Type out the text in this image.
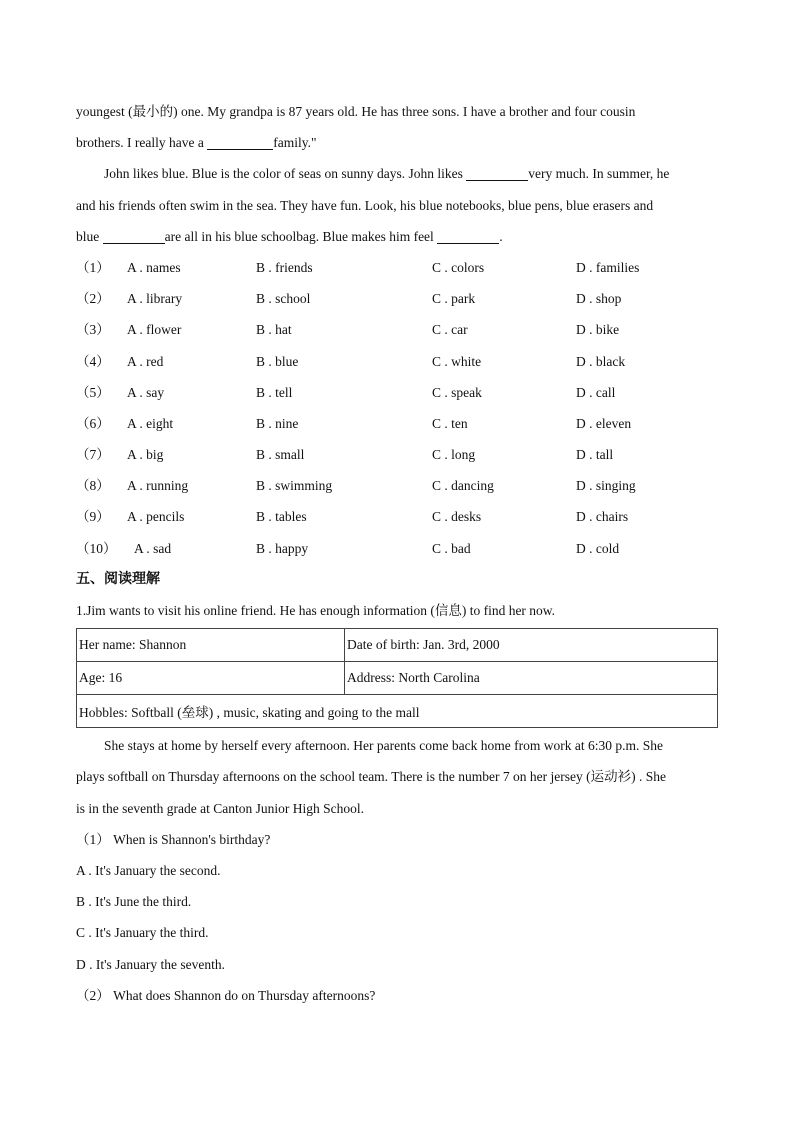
youngest (最小的) one. My grandpa is 87 years old. He has three sons. I have a brother and four cousin
brothers. I really have a	family."
John likes blue. Blue is the color of seas on sunny days. John likes	very much. In summer, he
and his friends often swim in the sea. They have fun. Look, his blue notebooks, blue pens, blue erasers and
blue	are all in his blue schoolbag. Blue makes him feel	.
（1） A . names	B . friends	C . colors	D . families
（2） A . library	B . school	C . park	D . shop
（3） A . flower	B . hat	C . car	D . bike
（4） A . red	B . blue	C . white	D . black
（5） A . say	B . tell	C . speak	D . call
（6） A . eight	B . nine	C . ten	D . eleven
（7） A . big	B . small	C . long	D . tall
（8） A . running	B . swimming	C . dancing	D . singing
（9） A . pencils	B . tables	C . desks	D . chairs
（10） A . sad	B . happy	C . bad	D . cold
五、阅读理解
1.Jim wants to visit his online friend. He has enough information (信息) to find her now.
Her name: Shannon	Date of birth: Jan. 3rd, 2000
Age: 16	Address: North Carolina
Hobbles: Softball (垒球) , music, skating and going to the mall	
She stays at home by herself every afternoon. Her parents come back home from work at 6:30 p.m. She
plays softball on Thursday afternoons on the school team. There is the number 7 on her jersey (运动衫) . She
is in the seventh grade at Canton Junior High School.
（1） When is Shannon's birthday?
A . It's January the second.
B . It's June the third.
C . It's January the third.
D . It's January the seventh.
（2） What does Shannon do on Thursday afternoons?
